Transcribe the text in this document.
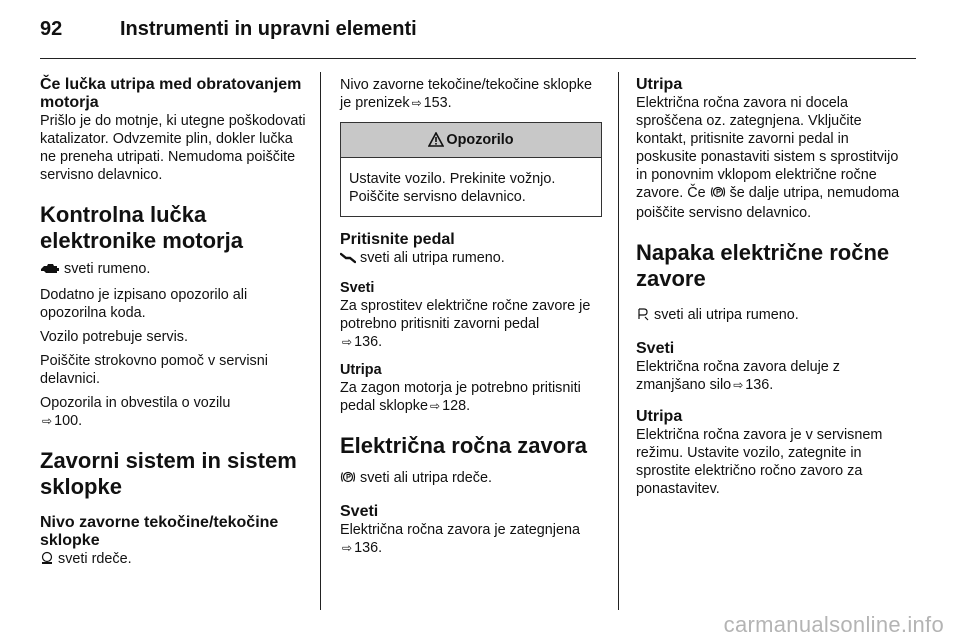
92	Instrumenti in upravni elementi
Če lučka utripa med obratovanjem motorja

Prišlo je do motnje, ki utegne poškodovati katalizator. Odvzemite plin, dokler lučka ne preneha utripati. Nemudoma poiščite servisno delavnico.

Kontrolna lučka elektronike motorja

sveti rumeno.

Dodatno je izpisano opozorilo ali opozorilna koda.

Vozilo potrebuje servis.

Poiščite strokovno pomoč v servisni delavnici.

Opozorila in obvestila o vozilu
⇨ 100.

Zavorni sistem in sistem sklopke
Nivo zavorne tekočine/tekočine sklopke

sveti rdeče.

Nivo zavorne tekočine/tekočine sklopke je prenizek ⇨ 153.

Opozorilo

Ustavite vozilo. Prekinite vožnjo. Poiščite servisno delavnico.

Pritisnite pedal

sveti ali utripa rumeno.

Sveti

Za sprostitev električne ročne zavore je potrebno pritisniti zavorni pedal
⇨ 136.

Utripa

Za zagon motorja je potrebno pritisniti pedal sklopke ⇨ 128.

Električna ročna zavora

sveti ali utripa rdeče.

Sveti

Električna ročna zavora je zategnjena
⇨ 136.

Utripa

Električna ročna zavora ni docela sproščena oz. zategnjena. Vključite kontakt, pritisnite zavorni pedal in poskusite ponastaviti sistem s sprostitvijo in ponovnim vklopom električne ročne zavore. Če še dalje utripa, nemudoma poiščite servisno delavnico.

Napaka električne ročne zavore

sveti ali utripa rumeno.

Sveti

Električna ročna zavora deluje z zmanjšano silo ⇨ 136.

Utripa

Električna ročna zavora je v servisnem režimu. Ustavite vozilo, zategnite in sprostite električno ročno zavoro za ponastavitev.

carmanualsonline.info
